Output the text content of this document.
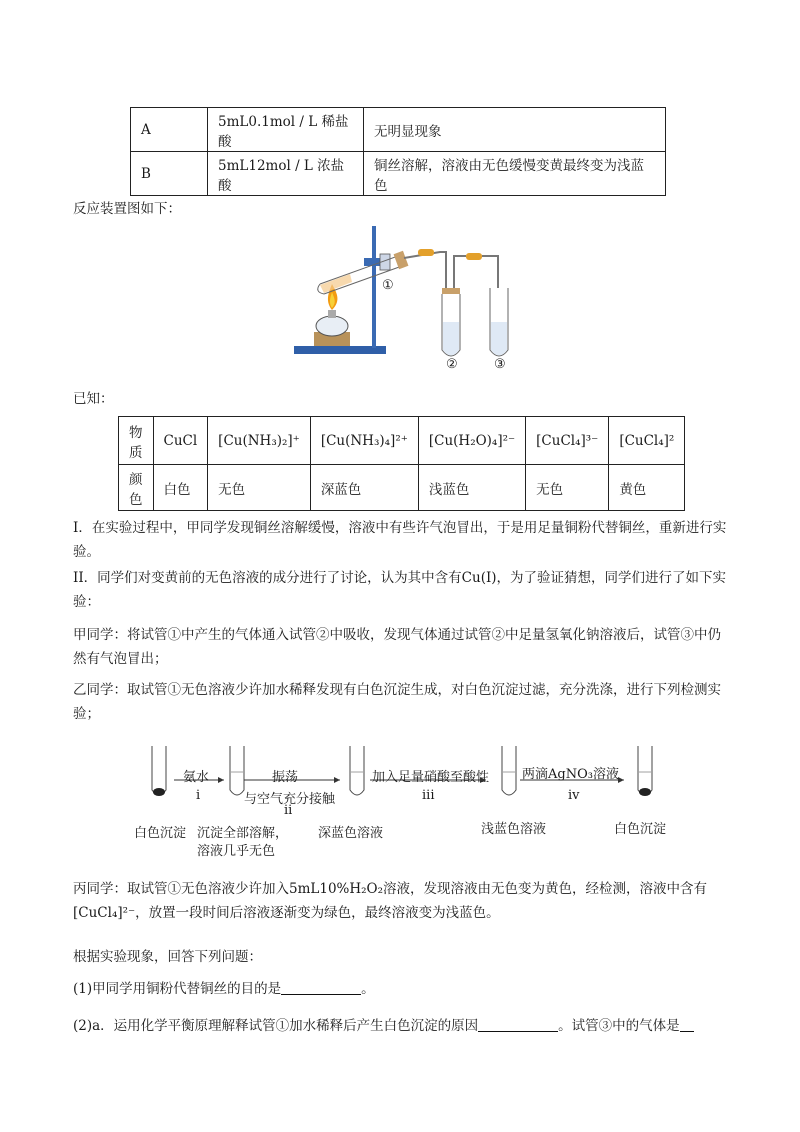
A	5mL0.1mol / L 稀盐酸	无明显现象
B	5mL12mol / L 浓盐酸	铜丝溶解，溶液由无色缓慢变黄最终变为浅蓝色
反应装置图如下：
①
②	③
已知：
物质	CuCl	[Cu(NH₃)₂]⁺	[Cu(NH₃)₄]²⁺	[Cu(H₂O)₄]²⁻	[CuCl₄]³⁻	[CuCl₄]²
颜色	白色	无色	深蓝色	浅蓝色	无色	黄色
I．在实验过程中，甲同学发现铜丝溶解缓慢，溶液中有些许气泡冒出，于是用足量铜粉代替铜丝，重新进行实验。
II．同学们对变黄前的无色溶液的成分进行了讨论，认为其中含有Cu(I)，为了验证猜想，同学们进行了如下实验：
甲同学：将试管①中产生的气体通入试管②中吸收，发现气体通过试管②中足量氢氧化钠溶液后，试管③中仍然有气泡冒出；
乙同学：取试管①无色溶液少许加水稀释发现有白色沉淀生成，对白色沉淀过滤，充分洗涤，进行下列检测实验；
氨水
i
振荡
与空气充分接触
ii
加入足量硝酸至酸性
iii
两滴AgNO₃溶液
iv
白色沉淀 沉淀全部溶解，
溶液几乎无色
深蓝色溶液	浅蓝色溶液	白色沉淀
丙同学：取试管①无色溶液少许加入5mL10%H₂O₂溶液，发现溶液由无色变为黄色，经检测，溶液中含有[CuCl₄]²⁻，放置一段时间后溶液逐渐变为绿色，最终溶液变为浅蓝色。
根据实验现象，回答下列问题：
(1)甲同学用铜粉代替铜丝的目的是	。
(2)a．运用化学平衡原理解释试管①加水稀释后产生白色沉淀的原因	。试管③中的气体是
